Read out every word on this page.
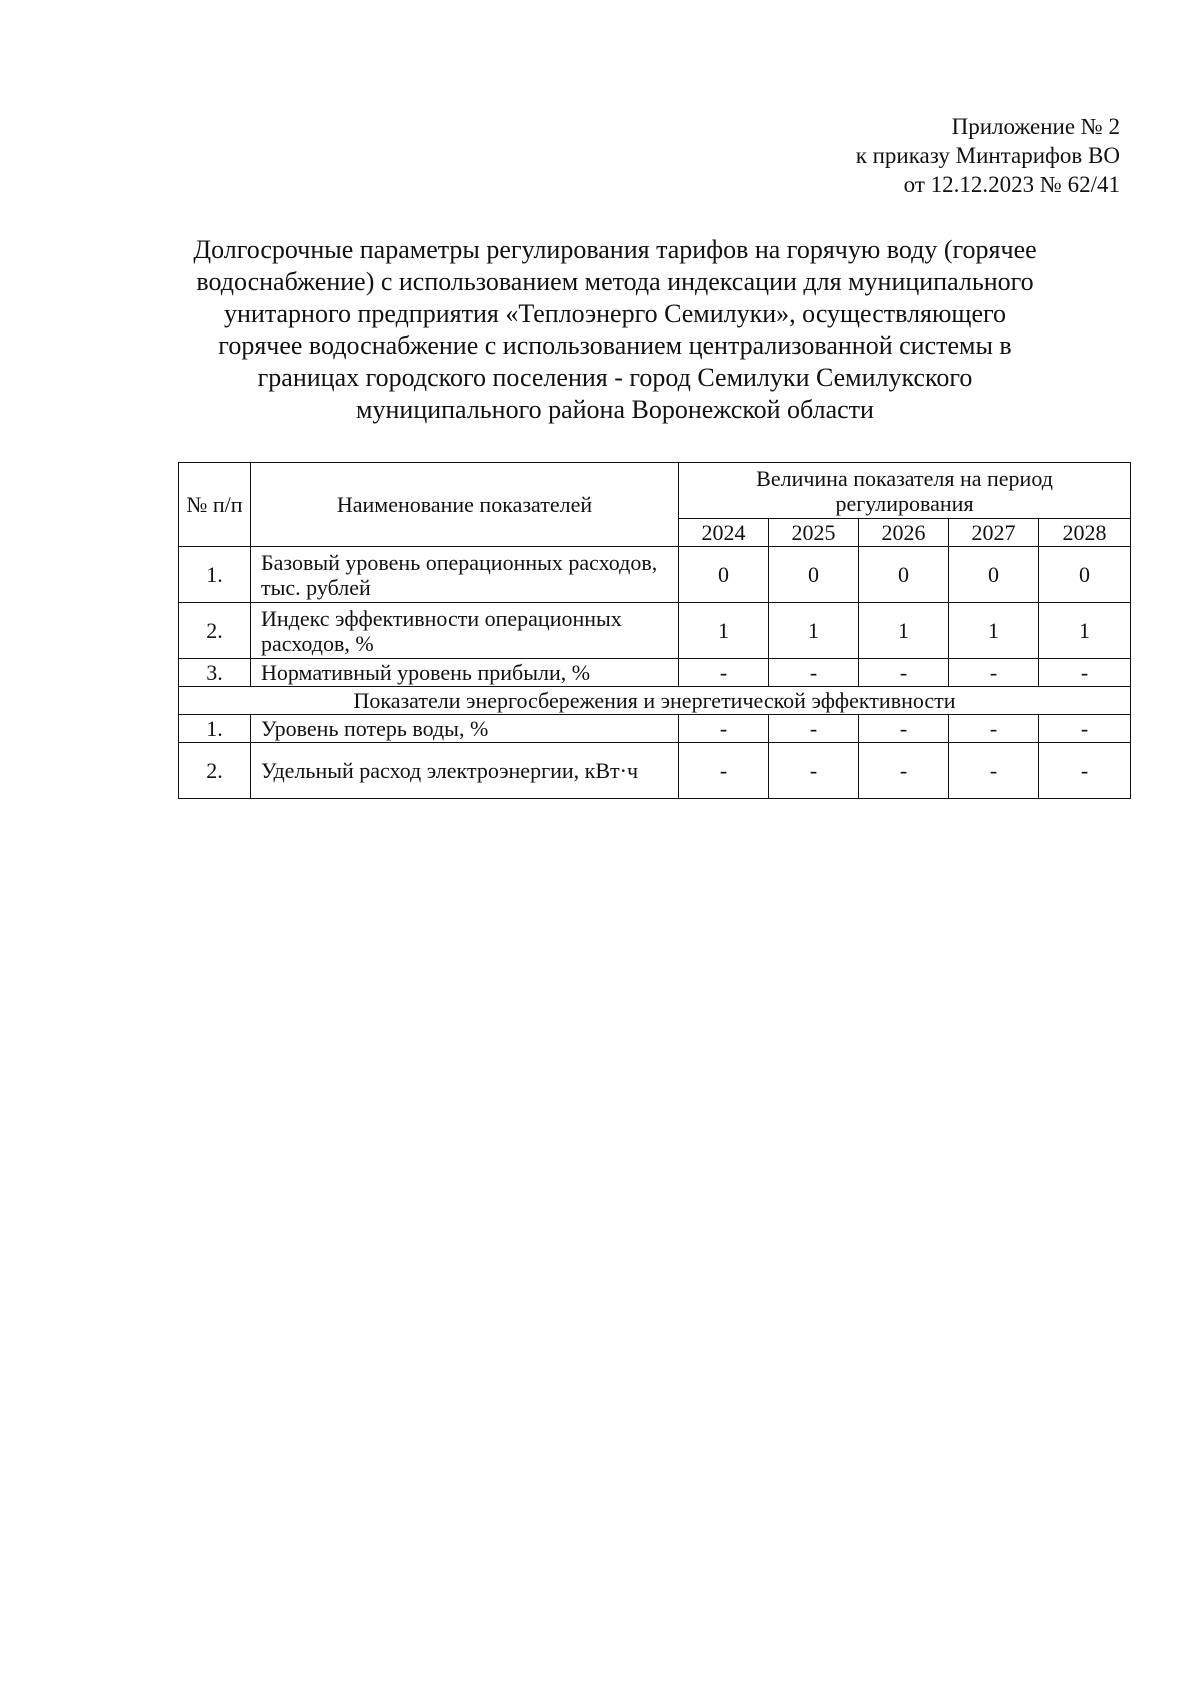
Приложение № 2
к приказу Минтарифов ВО
от 12.12.2023 № 62/41
Долгосрочные параметры регулирования тарифов на горячую воду (горячее
водоснабжение) с использованием метода индексации для муниципального
унитарного предприятия «Теплоэнерго Семилуки», осуществляющего
горячее водоснабжение с использованием централизованной системы в
границах городского поселения - город Семилуки Семилукского
муниципального района Воронежской области
№ п/п	Наименование показателей	Величина показателя на период регулирования				
		2024	2025	2026	2027	2028
1.	Базовый уровень операционных расходов, тыс. рублей	0	0	0	0	0
2.	Индекс эффективности операционных расходов, %	1	1	1	1	1
3.	Нормативный уровень прибыли, %	-	-	-	-	-
Показатели энергосбережения и энергетической эффективности						
1.	Уровень потерь воды, %	-	-	-	-	-
2.	Удельный расход электроэнергии, кВт·ч	-	-	-	-	-
